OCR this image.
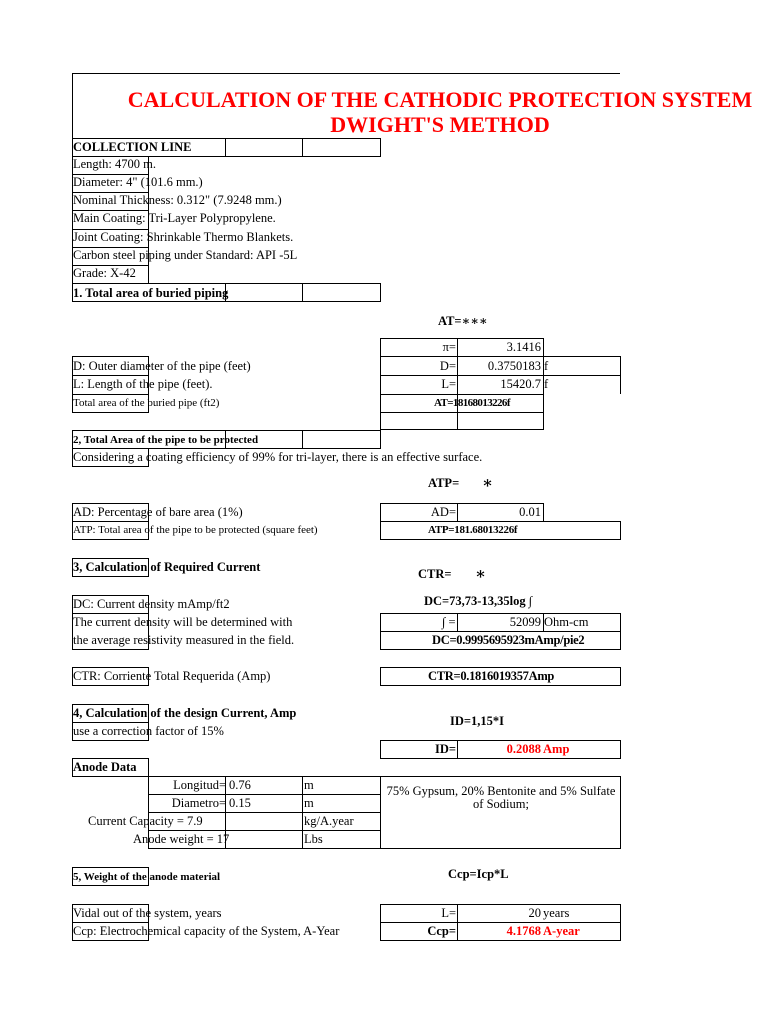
CALCULATION OF THE CATHODIC PROTECTION SYSTEM
DWIGHT'S METHOD
COLLECTION LINE
Length: 4700 m.
Diameter: 4" (101.6 mm.)
Nominal Thickness: 0.312" (7.9248 mm.)
Main Coating: Tri-Layer Polypropylene.
Joint Coating: Shrinkable Thermo Blankets.
Carbon steel piping under Standard: API -5L
Grade: X-42
1. Total area of buried piping
AT=∗∗∗
D: Outer diameter of the pipe (feet)
L: Length of the pipe (feet).
Total area of the buried pipe (ft2)
π=	3.1416
D=	0.3750183 f
L=	15420.7 f
AT=18168013226f
2, Total Area of the pipe to be protected
Considering a coating efficiency of 99% for tri-layer, there is an effective surface.
ATP= ∗
AD: Percentage of bare area (1%)
ATP: Total area of the pipe to be protected (square feet)
AD=	0.01
ATP=181.68013226f
3, Calculation of Required Current	CTR= ∗
DC=73,73-13,35log ∫
DC: Current density mAmp/ft2
The current density will be determined with
the average resistivity measured in the field.
∫ =	52099 Ohm-cm
DC=0.9995695923mAmp/pie2
CTR: Corriente Total Requerida (Amp)	CTR=0.1816019357Amp
4, Calculation of the design Current, Amp
use a correction factor of 15%
ID=1,15*I
ID=	0.2088 Amp
Anode Data
Longitud= 0.76	m
Diametro= 0.15	m
Current Capacity = 7.9	kg/A.year
Anode weight = 17	Lbs
75% Gypsum, 20% Bentonite and 5% Sulfate
of Sodium;
5, Weight of the anode material	Ccp=Icp*L
Vidal out of the system, years
Ccp: Electrochemical capacity of the System, A-Year
L=	20 years
Ccp=	4.1768 A-year
